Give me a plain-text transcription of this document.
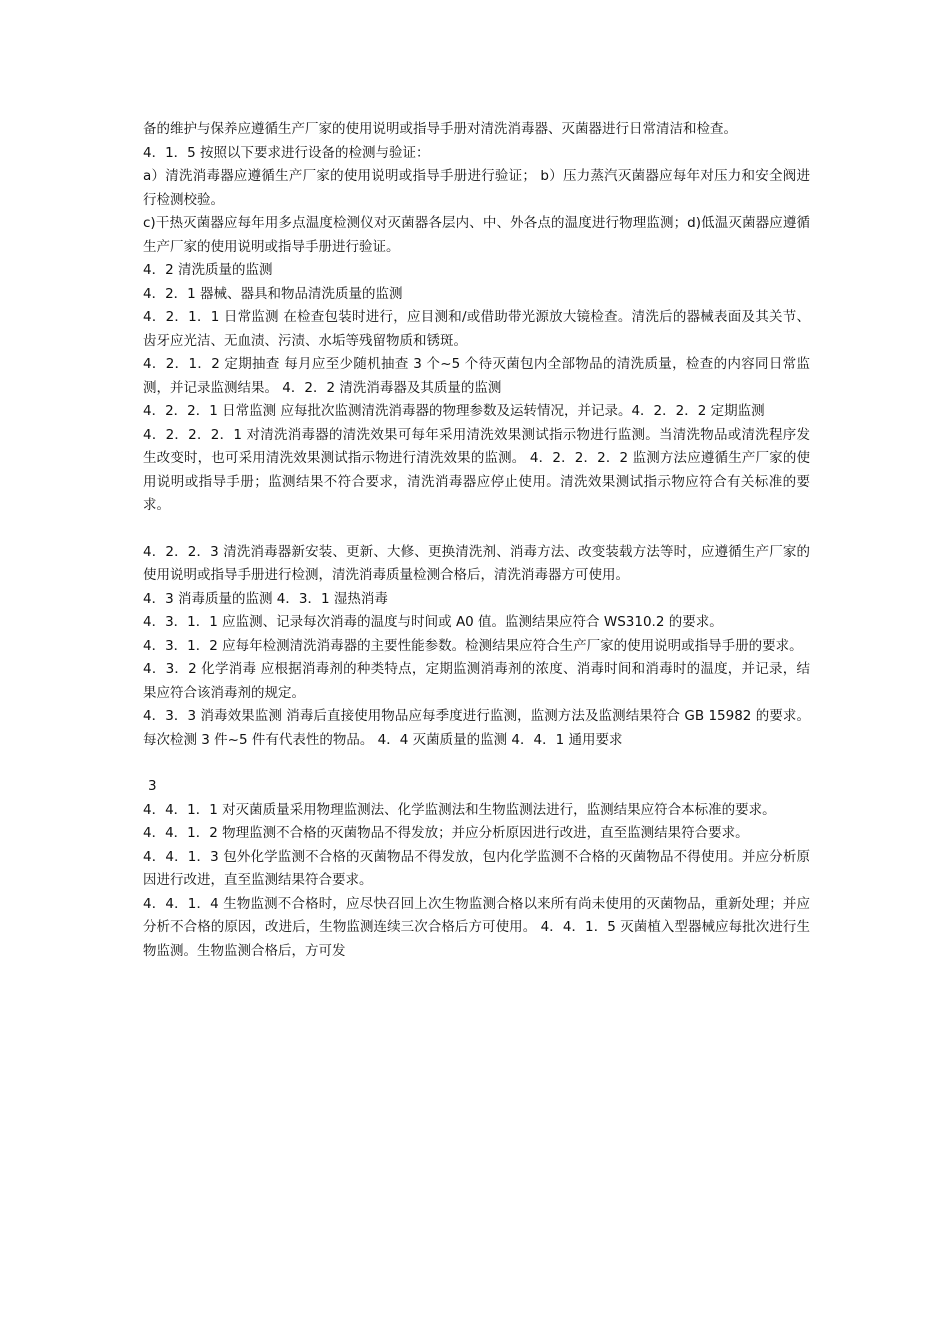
备的维护与保养应遵循生产厂家的使用说明或指导手册对清洗消毒器、灭菌器进行日常清洁和检查。

4．1．5 按照以下要求进行设备的检测与验证：

a）清洗消毒器应遵循生产厂家的使用说明或指导手册进行验证； b）压力蒸汽灭菌器应每年对压力和安全阀进行检测校验。

c)干热灭菌器应每年用多点温度检测仪对灭菌器各层内、中、外各点的温度进行物理监测；d)低温灭菌器应遵循生产厂家的使用说明或指导手册进行验证。

4．2 清洗质量的监测

4．2．1 器械、器具和物品清洗质量的监测

4．2．1．1 日常监测 在检查包装时进行，应目测和/或借助带光源放大镜检查。清洗后的器械表面及其关节、齿牙应光洁、无血渍、污渍、水垢等残留物质和锈斑。

4．2．1．2 定期抽查 每月应至少随机抽查 3 个~5 个待灭菌包内全部物品的清洗质量，检查的内容同日常监测，并记录监测结果。 4．2．2 清洗消毒器及其质量的监测

4．2．2．1 日常监测 应每批次监测清洗消毒器的物理参数及运转情况，并记录。4．2．2．2 定期监测

4．2．2．2．1 对清洗消毒器的清洗效果可每年采用清洗效果测试指示物进行监测。当清洗物品或清洗程序发生改变时，也可采用清洗效果测试指示物进行清洗效果的监测。 4．2．2．2．2 监测方法应遵循生产厂家的使用说明或指导手册；监测结果不符合要求，清洗消毒器应停止使用。清洗效果测试指示物应符合有关标准的要求。

4．2．2．3 清洗消毒器新安装、更新、大修、更换清洗剂、消毒方法、改变装载方法等时，应遵循生产厂家的使用说明或指导手册进行检测，清洗消毒质量检测合格后，清洗消毒器方可使用。

4．3 消毒质量的监测 4．3．1 湿热消毒

4．3．1．1 应监测、记录每次消毒的温度与时间或 A0 值。监测结果应符合 WS310.2 的要求。

4．3．1．2 应每年检测清洗消毒器的主要性能参数。检测结果应符合生产厂家的使用说明或指导手册的要求。

4．3．2 化学消毒 应根据消毒剂的种类特点，定期监测消毒剂的浓度、消毒时间和消毒时的温度，并记录，结果应符合该消毒剂的规定。

4．3．3 消毒效果监测 消毒后直接使用物品应每季度进行监测，监测方法及监测结果符合 GB 15982 的要求。每次检测 3 件~5 件有代表性的物品。 4．4 灭菌质量的监测 4．4．1 通用要求

3

4．4．1．1 对灭菌质量采用物理监测法、化学监测法和生物监测法进行，监测结果应符合本标准的要求。

4．4．1．2 物理监测不合格的灭菌物品不得发放；并应分析原因进行改进，直至监测结果符合要求。

4．4．1．3 包外化学监测不合格的灭菌物品不得发放，包内化学监测不合格的灭菌物品不得使用。并应分析原因进行改进，直至监测结果符合要求。

4．4．1．4 生物监测不合格时，应尽快召回上次生物监测合格以来所有尚未使用的灭菌物品，重新处理；并应分析不合格的原因，改进后，生物监测连续三次合格后方可使用。 4．4．1．5 灭菌植入型器械应每批次进行生物监测。生物监测合格后，方可发
